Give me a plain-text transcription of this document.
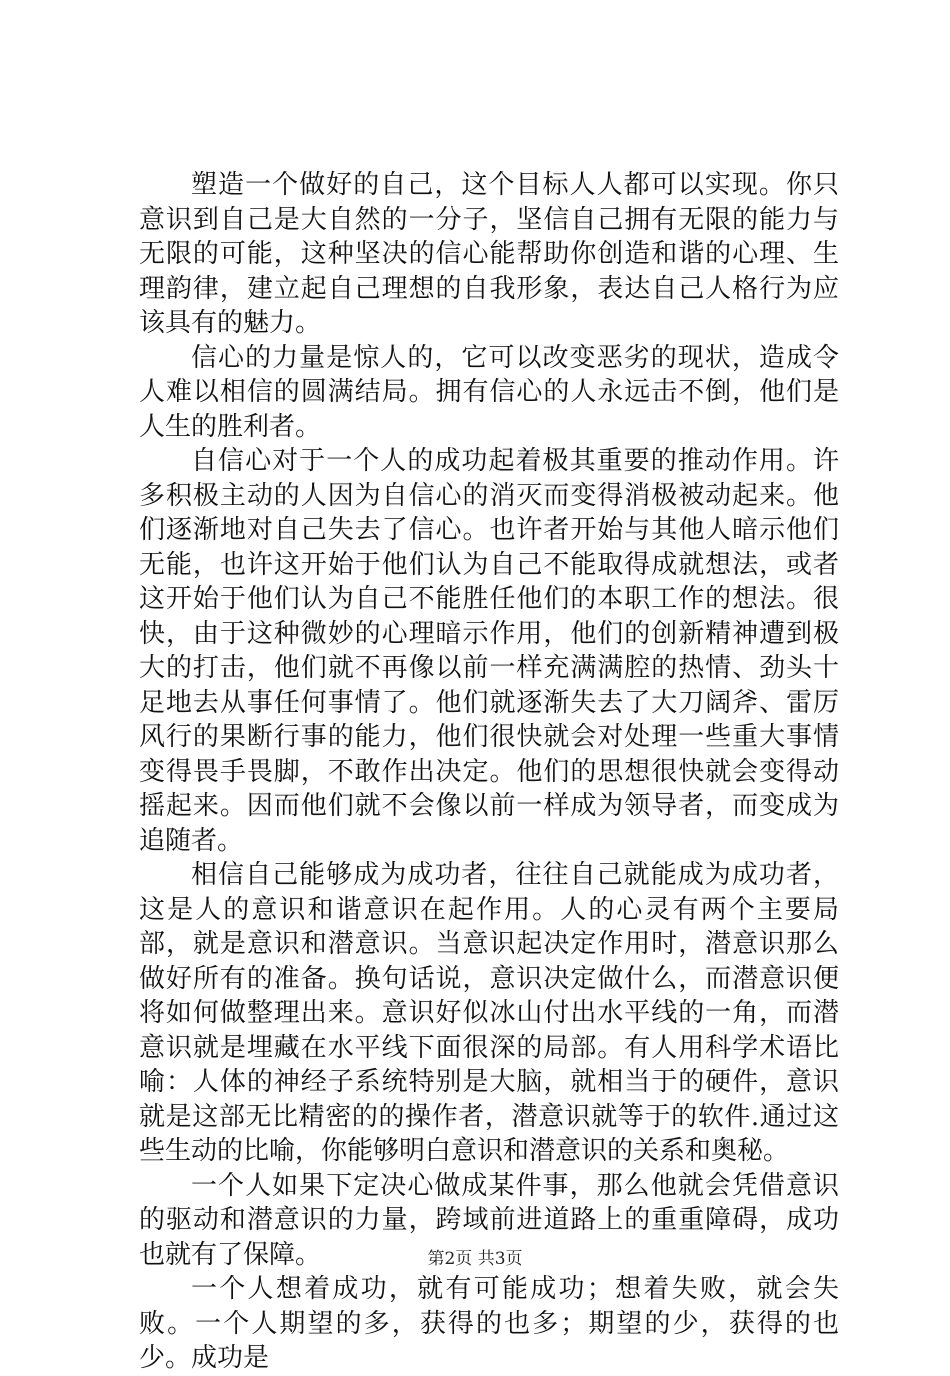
塑造一个做好的自己，这个目标人人都可以实现。你只意识到自己是大自然的一分子，坚信自己拥有无限的能力与无限的可能，这种坚决的信心能帮助你创造和谐的心理、生理韵律，建立起自己理想的自我形象，表达自己人格行为应该具有的魅力。

信心的力量是惊人的，它可以改变恶劣的现状，造成令人难以相信的圆满结局。拥有信心的人永远击不倒，他们是人生的胜利者。

自信心对于一个人的成功起着极其重要的推动作用。许多积极主动的人因为自信心的消灭而变得消极被动起来。他们逐渐地对自己失去了信心。也许者开始与其他人暗示他们无能，也许这开始于他们认为自己不能取得成就想法，或者这开始于他们认为自己不能胜任他们的本职工作的想法。很快，由于这种微妙的心理暗示作用，他们的创新精神遭到极大的打击，他们就不再像以前一样充满满腔的热情、劲头十足地去从事任何事情了。他们就逐渐失去了大刀阔斧、雷厉风行的果断行事的能力，他们很快就会对处理一些重大事情变得畏手畏脚，不敢作出决定。他们的思想很快就会变得动摇起来。因而他们就不会像以前一样成为领导者，而变成为追随者。

相信自己能够成为成功者，往往自己就能成为成功者，这是人的意识和谐意识在起作用。人的心灵有两个主要局部，就是意识和潜意识。当意识起决定作用时，潜意识那么做好所有的准备。换句话说，意识决定做什么，而潜意识便将如何做整理出来。意识好似冰山付出水平线的一角，而潜意识就是埋藏在水平线下面很深的局部。有人用科学术语比喻：人体的神经子系统特别是大脑，就相当于的硬件，意识就是这部无比精密的的操作者，潜意识就等于的软件.通过这些生动的比喻，你能够明白意识和潜意识的关系和奥秘。

一个人如果下定决心做成某件事，那么他就会凭借意识的驱动和潜意识的力量，跨域前进道路上的重重障碍，成功也就有了保障。

一个人想着成功，就有可能成功；想着失败，就会失败。一个人期望的多，获得的也多；期望的少，获得的也少。成功是

第2页 共3页
